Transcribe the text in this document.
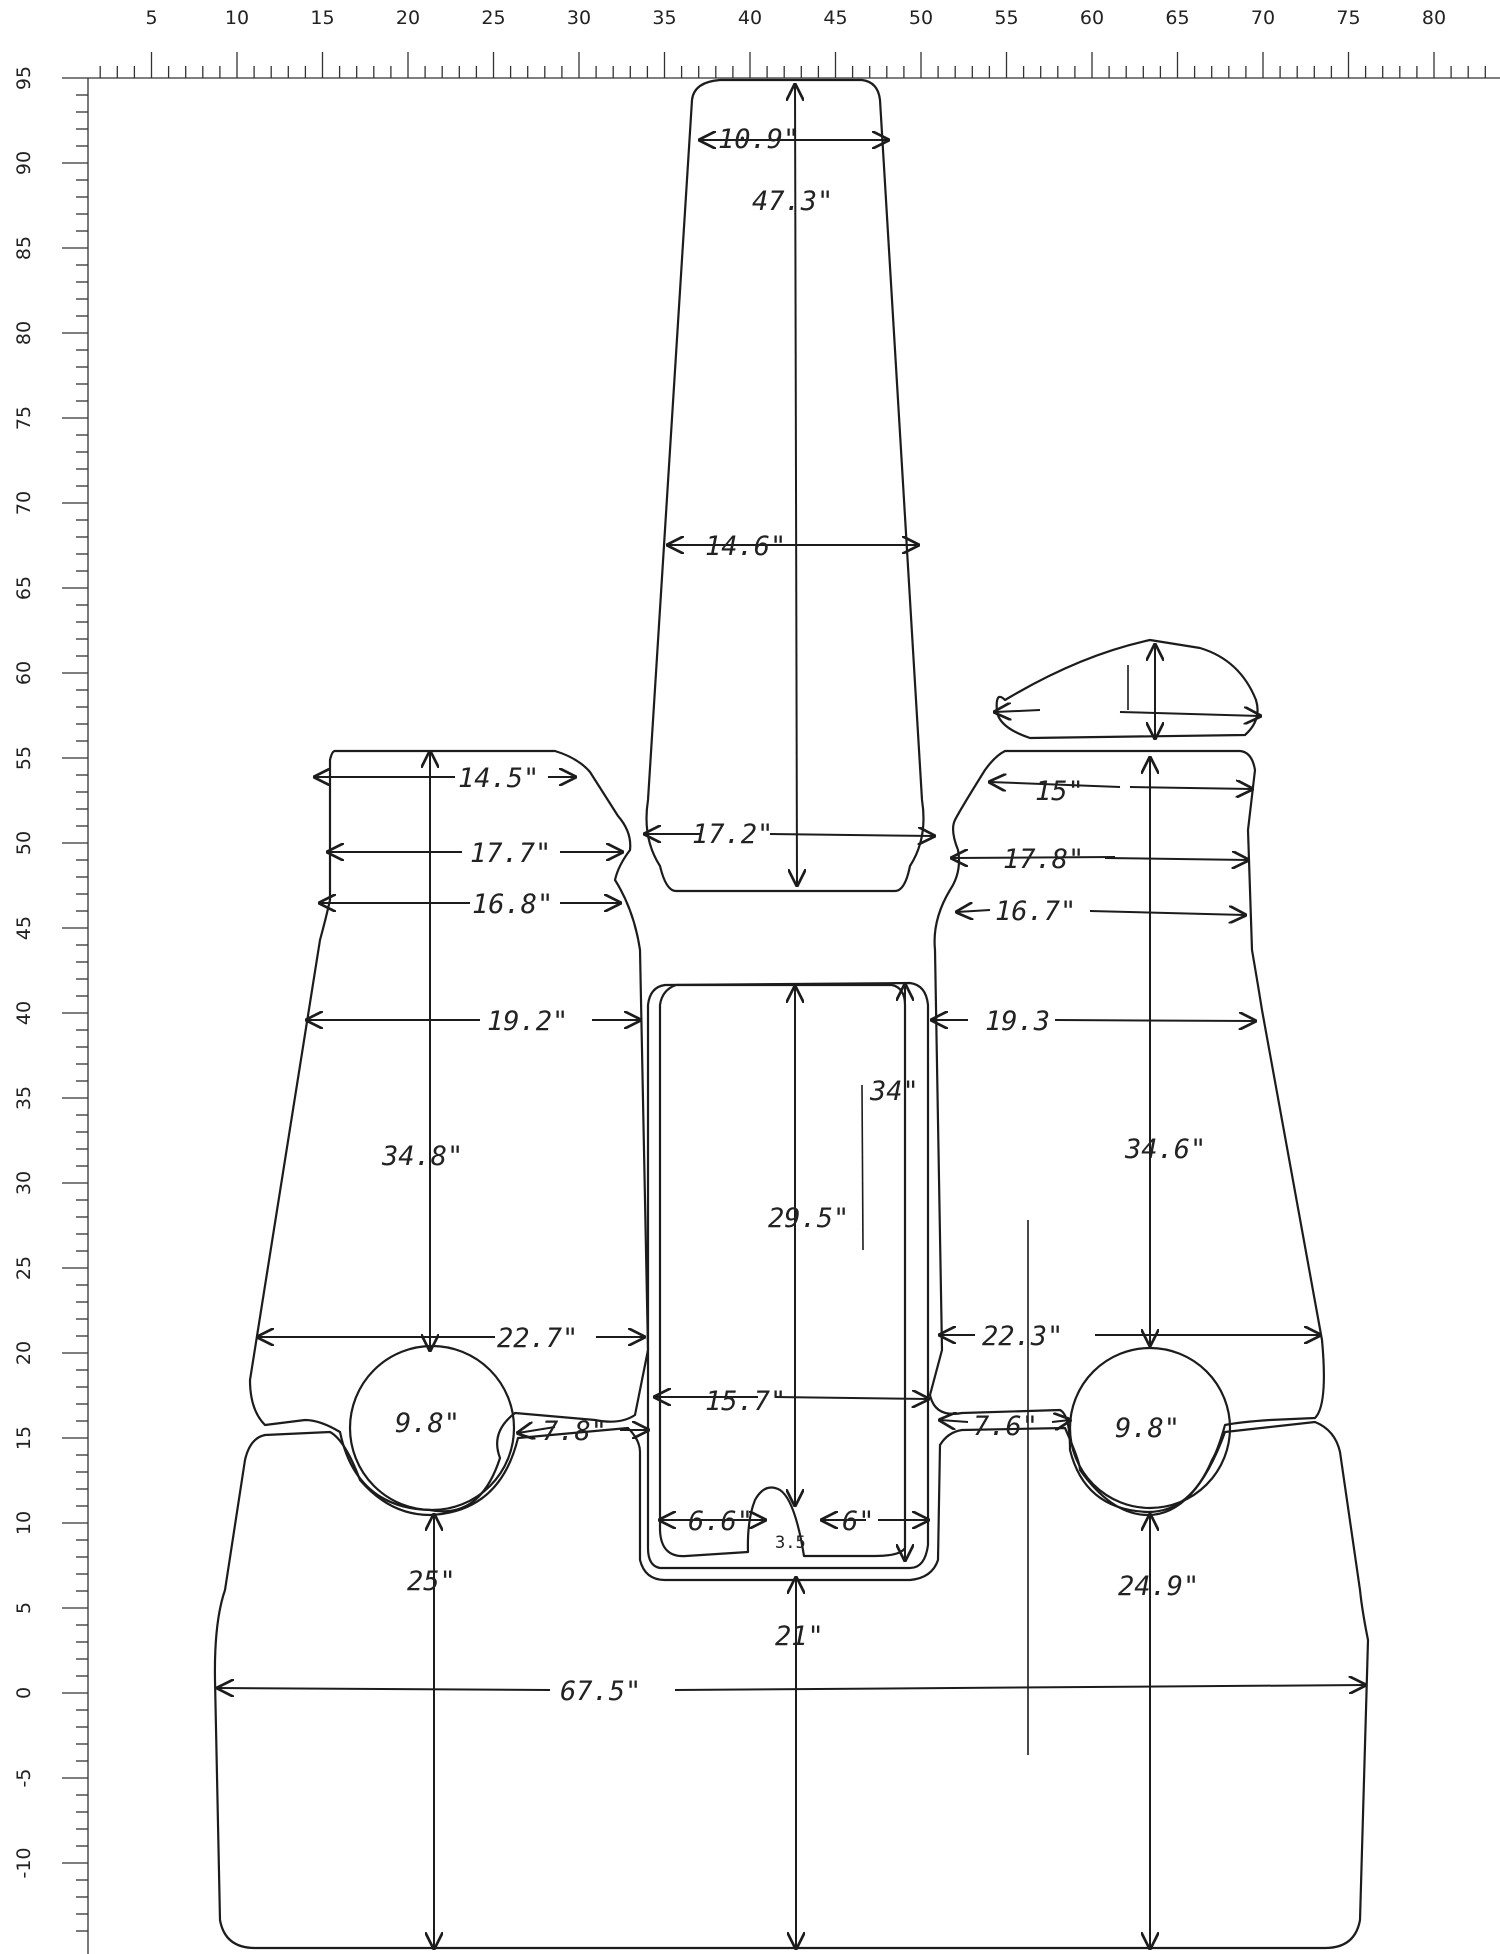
5	10	15	20	25	30	35	40	45	50	55	60	65	70	75	80
95
90
85
80
75
70
65
60
55
50
45
40
35
30
25
20
15
10
5
0
-5
-10
10.9"
47.3"
14.6"
17.2"
14.5"
17.7"
16.8"
19.2"
34.8"
22.7"
9.8"	7.8"
25"
15"
17.8"
16.7"
19.3
34.6"
22.3"
9.8"
7.6"
24.9"
34"
29.5"
15.7"
6.6"
3.5
6"
21"
67.5"
